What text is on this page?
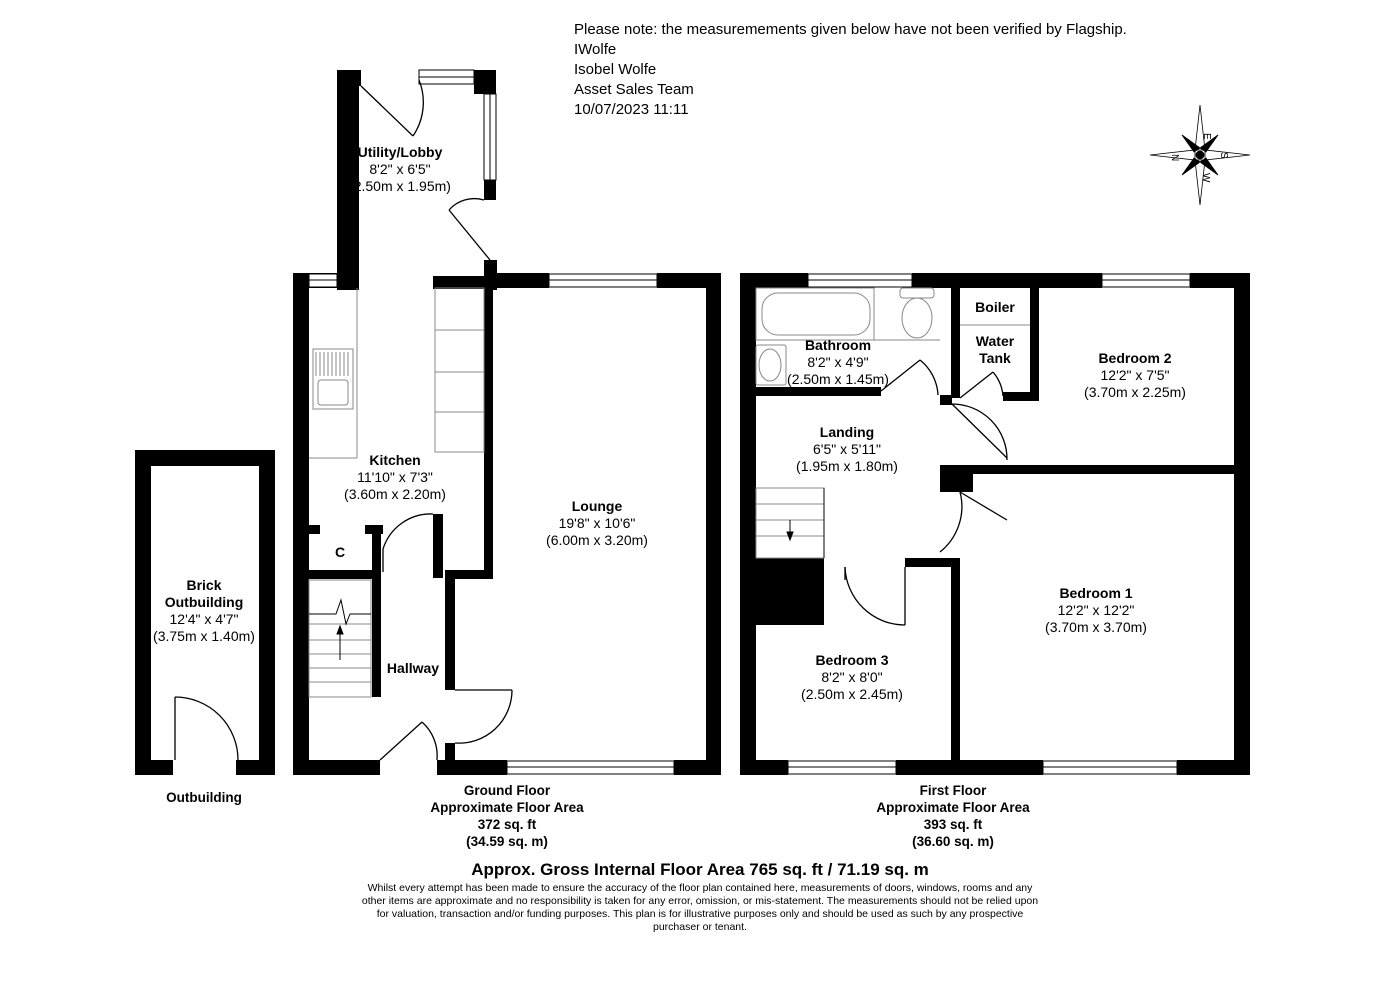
N
E
S
W
Please note: the measuremements given below have not been verified by Flagship.
IWolfe
Isobel Wolfe
Asset Sales Team
10/07/2023 11:11
Utility/Lobby
8'2" x 6'5"
(2.50m x 1.95m)
Kitchen
11'10" x 7'3"
(3.60m x 2.20m)
Lounge
19'8" x 10'6"
(6.00m x 3.20m)
C
Hallway
Brick
Outbuilding
12'4" x 4'7"
(3.75m x 1.40m)
Bathroom
8'2" x 4'9"
(2.50m x 1.45m)
Boiler
Water
Tank	Bedroom 2
12'2" x 7'5"
(3.70m x 2.25m)
Landing
6'5" x 5'11"
(1.95m x 1.80m)
Bedroom 1
12'2" x 12'2"
(3.70m x 3.70m)
Bedroom 3
8'2" x 8'0"
(2.50m x 2.45m)
Outbuilding	Ground Floor
Approximate Floor Area
372 sq. ft
(34.59 sq. m)
First Floor
Approximate Floor Area
393 sq. ft
(36.60 sq. m)
Approx. Gross Internal Floor Area 765 sq. ft / 71.19 sq. m
Whilst every attempt has been made to ensure the accuracy of the floor plan contained here, measurements of doors, windows, rooms and any other items are approximate and no responsibility is taken for any error, omission, or mis-statement. The measurements should not be relied upon for valuation, transaction and/or funding purposes. This plan is for illustrative purposes only and should be used as such by any prospective purchaser or tenant.
